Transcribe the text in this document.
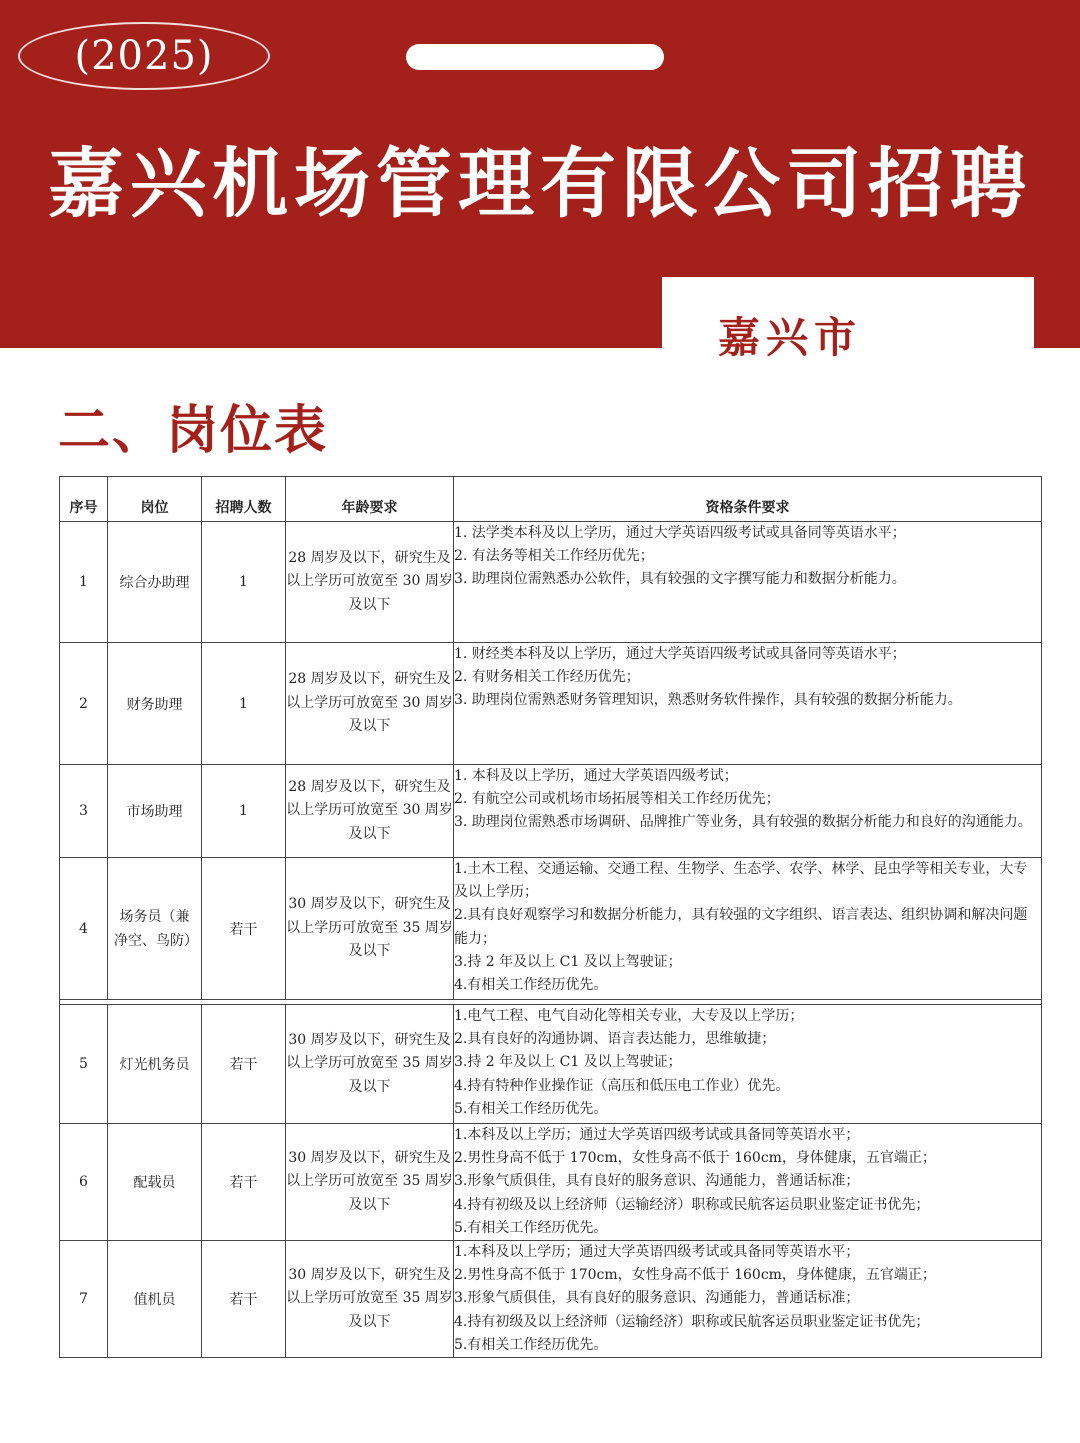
(2025)
嘉兴机场管理有限公司招聘
嘉兴市
二、岗位表
序号	岗位	招聘人数	年龄要求	资格条件要求
1	综合办助理	1	28 周岁及以下，研究生及以上学历可放宽至 30 周岁及以下	1. 法学类本科及以上学历，通过大学英语四级考试或具备同等英语水平；
2. 有法务等相关工作经历优先；
3. 助理岗位需熟悉办公软件，具有较强的文字撰写能力和数据分析能力。

2	财务助理	1	28 周岁及以下，研究生及以上学历可放宽至 30 周岁及以下	1. 财经类本科及以上学历，通过大学英语四级考试或具备同等英语水平；
2. 有财务相关工作经历优先；
3. 助理岗位需熟悉财务管理知识，熟悉财务软件操作，具有较强的数据分析能力。

3	市场助理	1	28 周岁及以下，研究生及以上学历可放宽至 30 周岁及以下	1. 本科及以上学历，通过大学英语四级考试；
2. 有航空公司或机场市场拓展等相关工作经历优先；
3. 助理岗位需熟悉市场调研、品牌推广等业务，具有较强的数据分析能力和良好的沟通能力。

4	场务员（兼净空、鸟防）	若干	30 周岁及以下，研究生及以上学历可放宽至 35 周岁及以下	1.土木工程、交通运输、交通工程、生物学、生态学、农学、林学、昆虫学等相关专业，大专及以上学历；
2.具有良好观察学习和数据分析能力，具有较强的文字组织、语言表达、组织协调和解决问题能力；
3.持 2 年及以上 C1 及以上驾驶证；
4.有相关工作经历优先。

5	灯光机务员	若干	30 周岁及以下，研究生及以上学历可放宽至 35 周岁及以下	1.电气工程、电气自动化等相关专业，大专及以上学历；
2.具有良好的沟通协调、语言表达能力，思维敏捷；
3.持 2 年及以上 C1 及以上驾驶证；
4.持有特种作业操作证（高压和低压电工作业）优先。
5.有相关工作经历优先。

6	配载员	若干	30 周岁及以下，研究生及以上学历可放宽至 35 周岁及以下	1.本科及以上学历；通过大学英语四级考试或具备同等英语水平；
2.男性身高不低于 170cm，女性身高不低于 160cm，身体健康，五官端正；
3.形象气质俱佳，具有良好的服务意识、沟通能力，普通话标准；
4.持有初级及以上经济师（运输经济）职称或民航客运员职业鉴定证书优先；
5.有相关工作经历优先。

7	值机员	若干	30 周岁及以下，研究生及以上学历可放宽至 35 周岁及以下	1.本科及以上学历；通过大学英语四级考试或具备同等英语水平；
2.男性身高不低于 170cm，女性身高不低于 160cm，身体健康，五官端正；
3.形象气质俱佳，具有良好的服务意识、沟通能力，普通话标准；
4.持有初级及以上经济师（运输经济）职称或民航客运员职业鉴定证书优先；
5.有相关工作经历优先。
